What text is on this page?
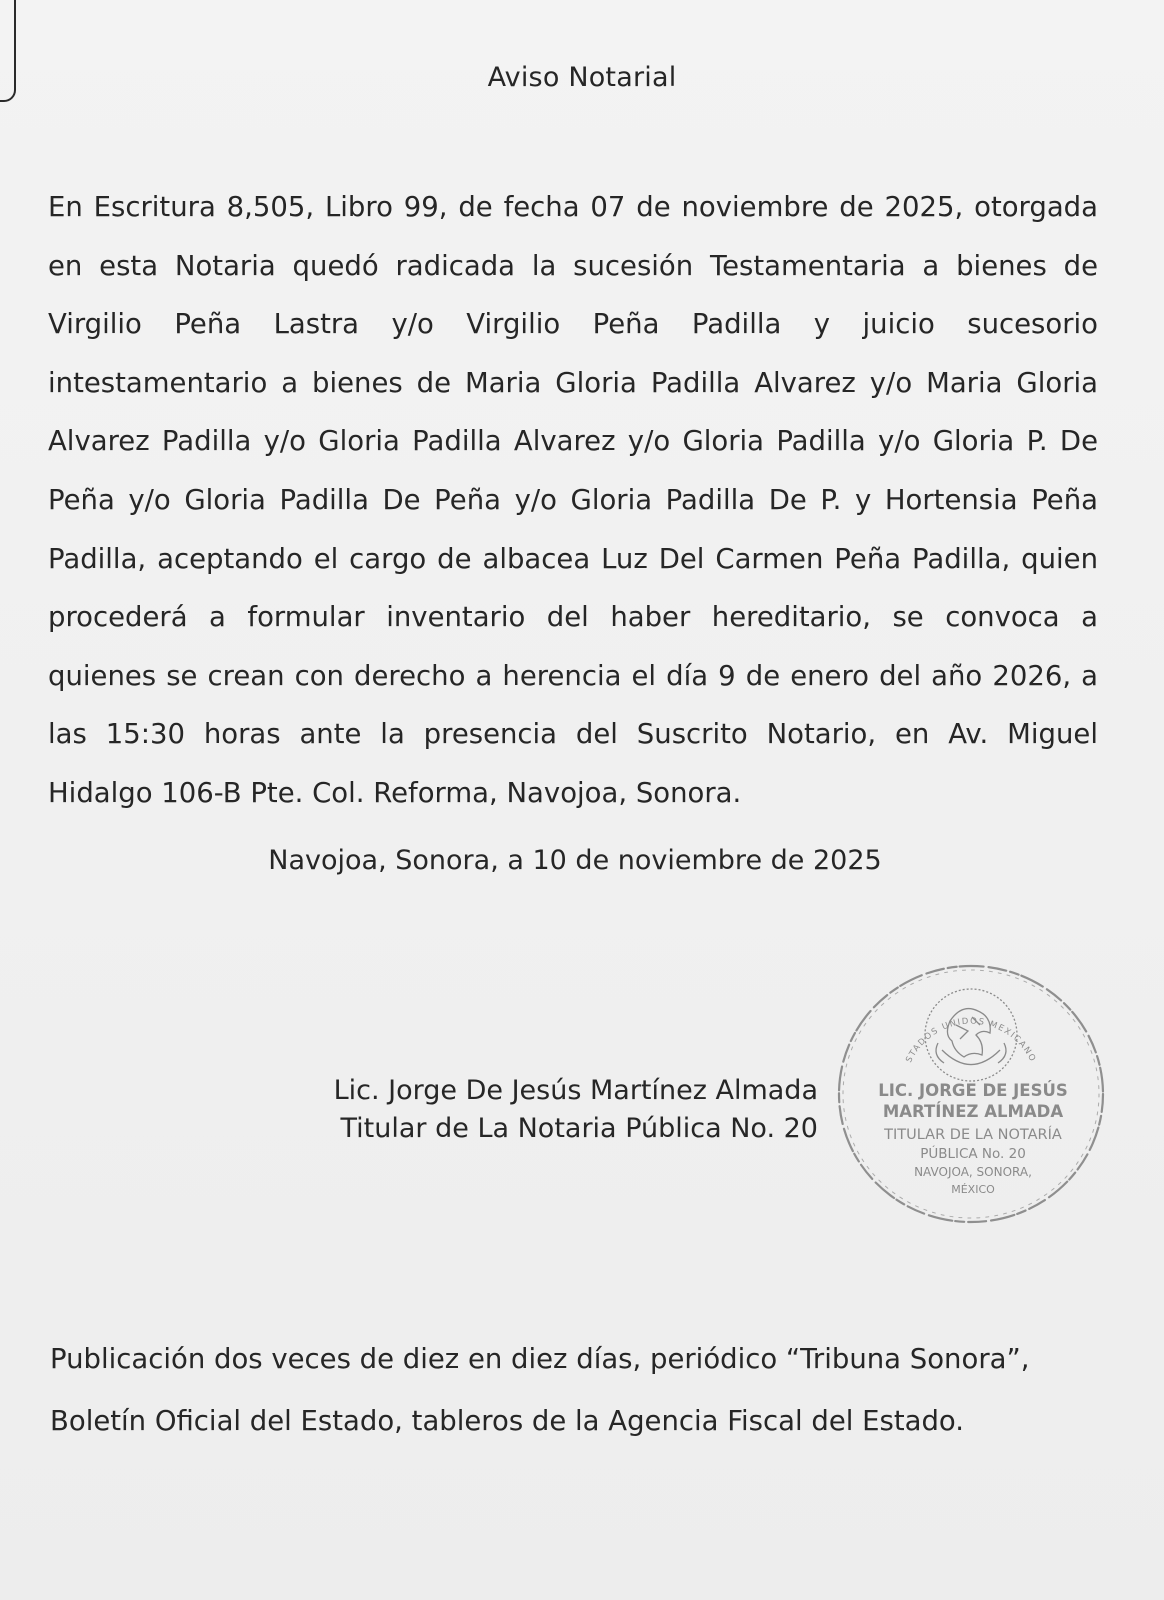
Aviso Notarial

En Escritura 8,505, Libro 99, de fecha 07 de noviembre de 2025, otorgada en esta Notaria quedó radicada la sucesión Testamentaria a bienes de Virgilio Peña Lastra y/o Virgilio Peña Padilla y juicio sucesorio intestamentario a bienes de Maria Gloria Padilla Alvarez y/o Maria Gloria Alvarez Padilla y/o Gloria Padilla Alvarez y/o Gloria Padilla y/o Gloria P. De Peña y/o Gloria Padilla De Peña y/o Gloria Padilla De P. y Hortensia Peña Padilla, aceptando el cargo de albacea Luz Del Carmen Peña Padilla, quien procederá a formular inventario del haber hereditario, se convoca a quienes se crean con derecho a herencia el día 9 de enero del año 2026, a las 15:30 horas ante la presencia del Suscrito Notario, en Av. Miguel Hidalgo 106-B Pte. Col. Reforma, Navojoa, Sonora.

Navojoa, Sonora, a 10 de noviembre de 2025
Lic. Jorge De Jesús Martínez Almada
Titular de La Notaria Pública No. 20
STADOS UNIDOS MEXICANO
LIC. JORGE DE JESÚS
MARTÍNEZ ALMADA
TITULAR DE LA NOTARÍA
PÚBLICA No. 20
NAVOJOA, SONORA,
MÉXICO

Publicación dos veces de diez en diez días, periódico “Tribuna Sonora”, Boletín Oficial del Estado, tableros de la Agencia Fiscal del Estado.
